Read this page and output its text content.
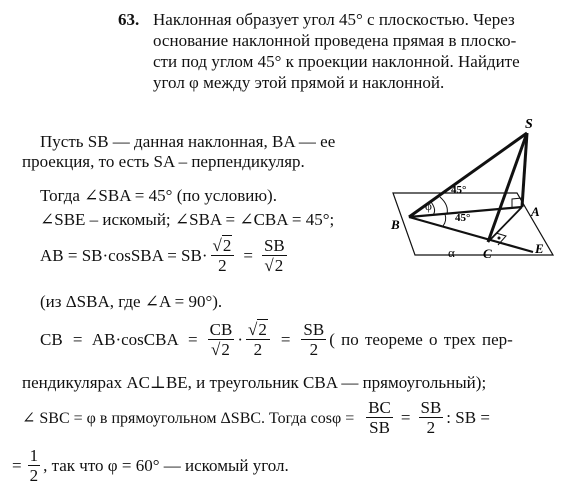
63. Наклонная образует угол 45° с плоскостью. Через
основание наклонной проведена прямая в плоско-
сти под углом 45° к проекции наклонной. Найдите
угол φ между этой прямой и наклонной.
Пусть SB — данная наклонная, BA — ее
проекция, то есть SA – перпендикуляр.
Тогда ∠SBA = 45° (по условию).
∠SBE – искомый; ∠SBA = ∠CBA = 45°;
AB = SB·cosSBA = $SB\cdot \frac{√2}{2} = \frac{SB}{√2}$
(из ΔSBA, где ∠A = 90°).
CB = AB·cosCBA = $\frac{CB}{√2} \cdot \frac{√2}{2} = \frac{SB}{2}$ ( по теореме о трех пер-
пендикулярах AC⊥BE, и треугольник CBA — прямоугольный);
∠ SBC = φ в прямоугольном ΔSBC. Тогда $\cos\varphi = \frac{BC}{SB} = \frac{SB}{2}$ : SB =
= $\frac{1}{2}$ , так что φ = 60° — искомый угол.
S
A
B
C	E
α
φ
45°
45°
